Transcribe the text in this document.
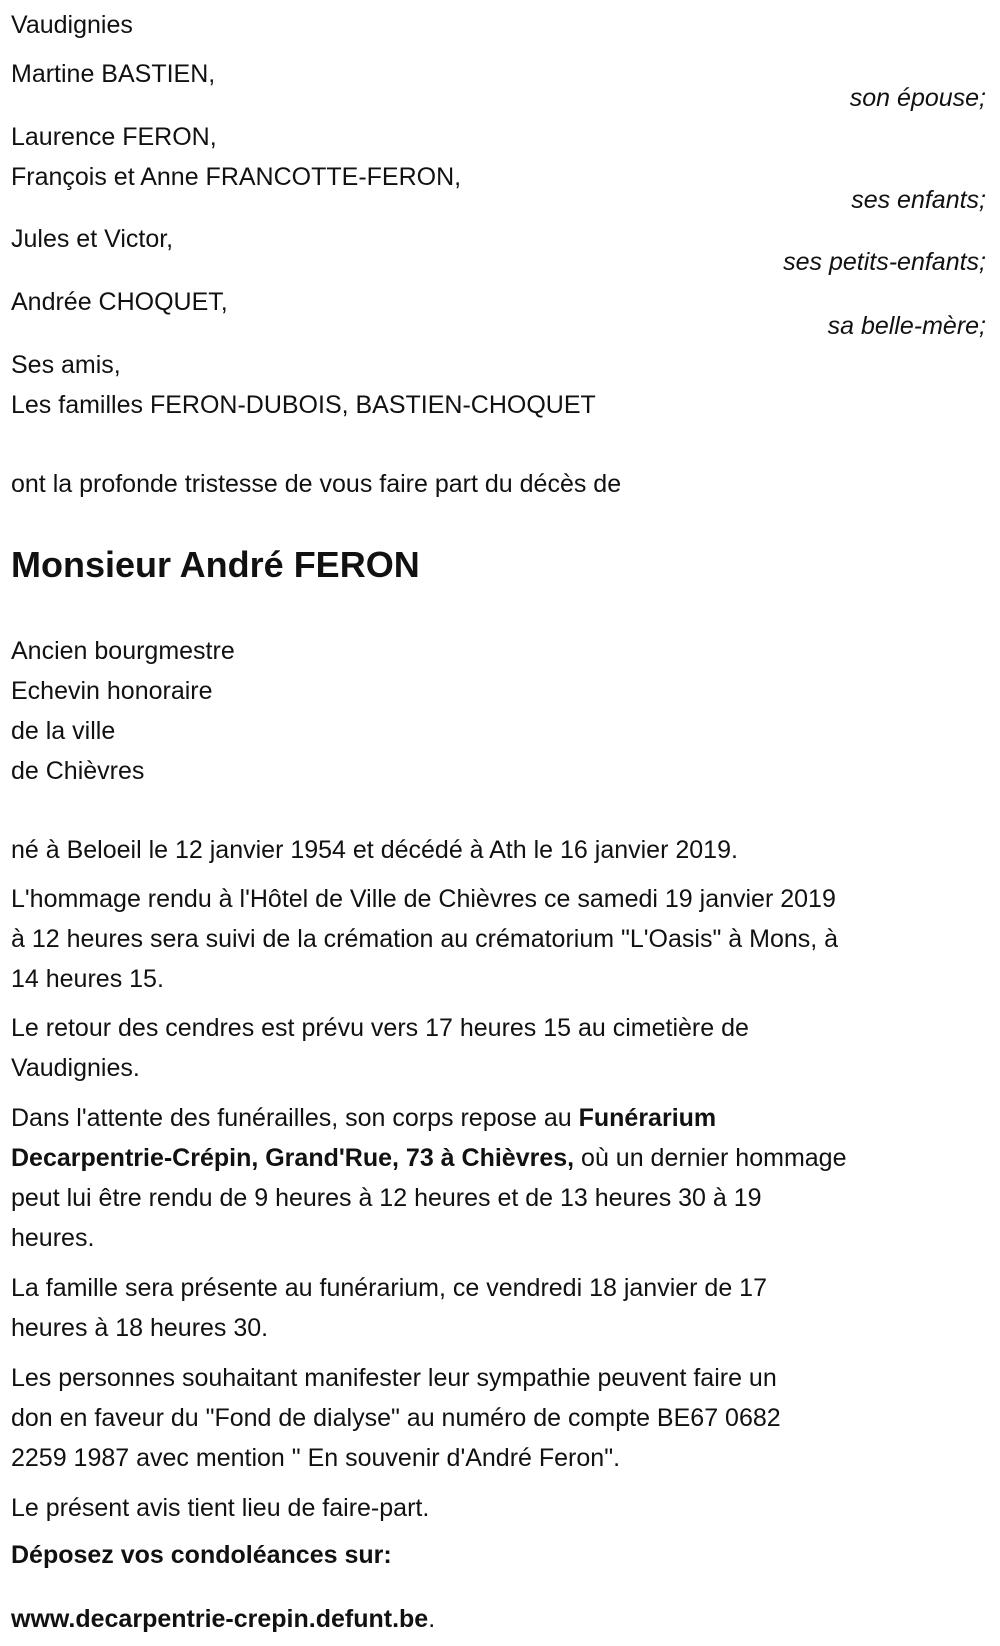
Vaudignies
Martine BASTIEN,
son épouse;
Laurence FERON,
François et Anne FRANCOTTE-FERON,
ses enfants;
Jules et Victor,
ses petits-enfants;
Andrée CHOQUET,
sa belle-mère;
Ses amis,
Les familles FERON-DUBOIS, BASTIEN-CHOQUET
ont la profonde tristesse de vous faire part du décès de
Monsieur André FERON
Ancien bourgmestre
Echevin honoraire
de la ville
de Chièvres
né à Beloeil le 12 janvier 1954 et décédé à Ath le 16 janvier 2019.
L'hommage rendu à l'Hôtel de Ville de Chièvres ce samedi 19 janvier 2019
à 12 heures sera suivi de la crémation au crématorium "L'Oasis" à Mons, à
14 heures 15.
Le retour des cendres est prévu vers 17 heures 15 au cimetière de
Vaudignies.
Dans l'attente des funérailles, son corps repose au Funérarium
Decarpentrie-Crépin, Grand'Rue, 73 à Chièvres, où un dernier hommage
peut lui être rendu de 9 heures à 12 heures et de 13 heures 30 à 19
heures.
La famille sera présente au funérarium, ce vendredi 18 janvier de 17
heures à 18 heures 30.
Les personnes souhaitant manifester leur sympathie peuvent faire un
don en faveur du "Fond de dialyse" au numéro de compte BE67 0682
2259 1987 avec mention " En souvenir d'André Feron".
Le présent avis tient lieu de faire-part.
Déposez vos condoléances sur:
www.decarpentrie-crepin.defunt.be.
